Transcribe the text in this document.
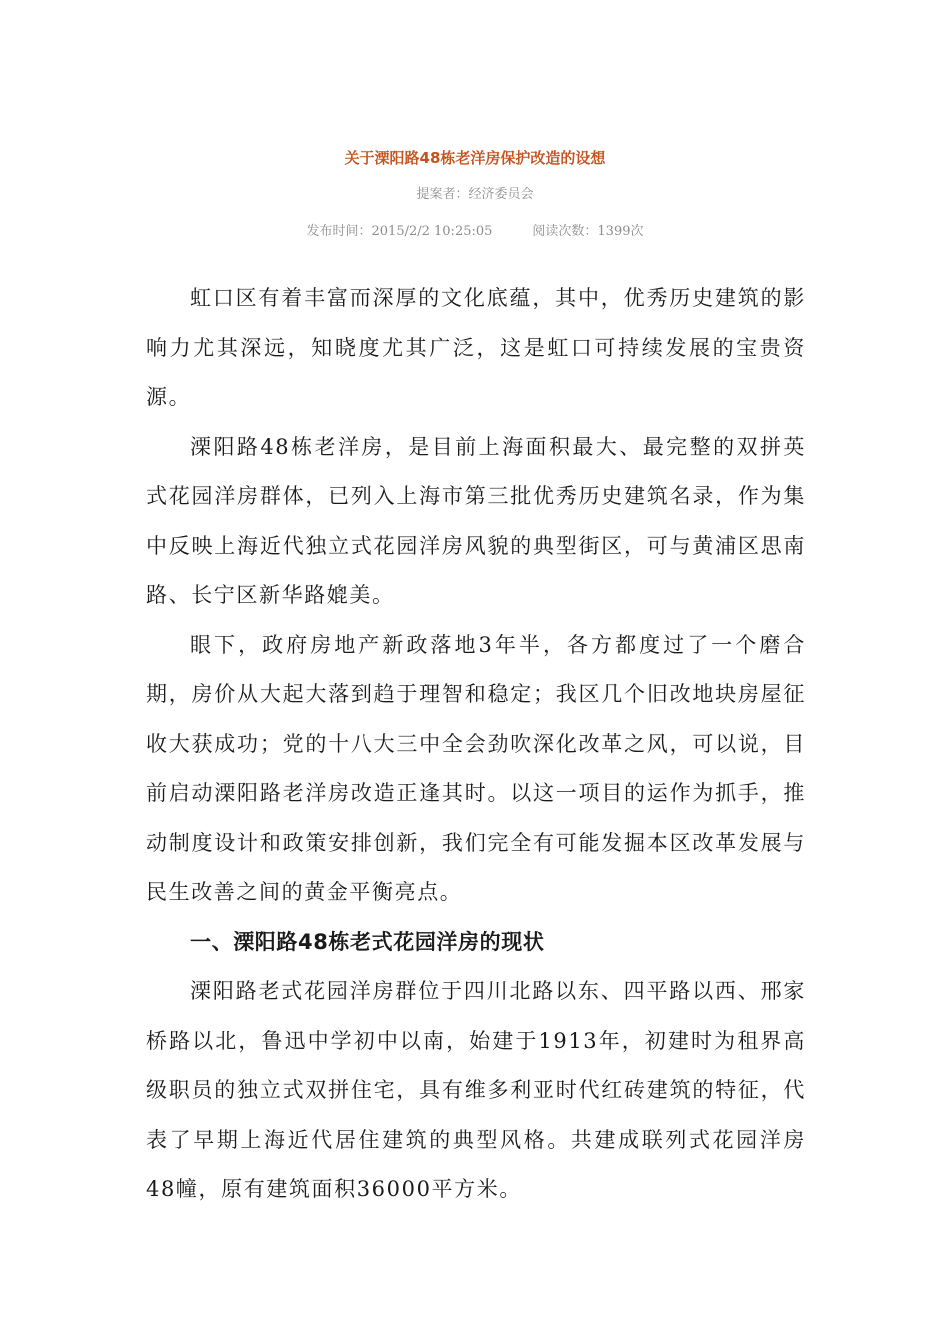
关于溧阳路48栋老洋房保护改造的设想
提案者：经济委员会
发布时间：2015/2/2 10:25:05	阅读次数：1399次

虹口区有着丰富而深厚的文化底蕴，其中，优秀历史建筑的影响力尤其深远，知晓度尤其广泛，这是虹口可持续发展的宝贵资源。

溧阳路48栋老洋房，是目前上海面积最大、最完整的双拼英式花园洋房群体，已列入上海市第三批优秀历史建筑名录，作为集中反映上海近代独立式花园洋房风貌的典型街区，可与黄浦区思南路、长宁区新华路媲美。

眼下，政府房地产新政落地3年半，各方都度过了一个磨合期，房价从大起大落到趋于理智和稳定；我区几个旧改地块房屋征收大获成功；党的十八大三中全会劲吹深化改革之风，可以说，目前启动溧阳路老洋房改造正逢其时。以这一项目的运作为抓手，推动制度设计和政策安排创新，我们完全有可能发掘本区改革发展与民生改善之间的黄金平衡亮点。

一、溧阳路48栋老式花园洋房的现状

溧阳路老式花园洋房群位于四川北路以东、四平路以西、邢家桥路以北，鲁迅中学初中以南，始建于1913年，初建时为租界高级职员的独立式双拼住宅，具有维多利亚时代红砖建筑的特征，代表了早期上海近代居住建筑的典型风格。共建成联列式花园洋房48幢，原有建筑面积36000平方米。
